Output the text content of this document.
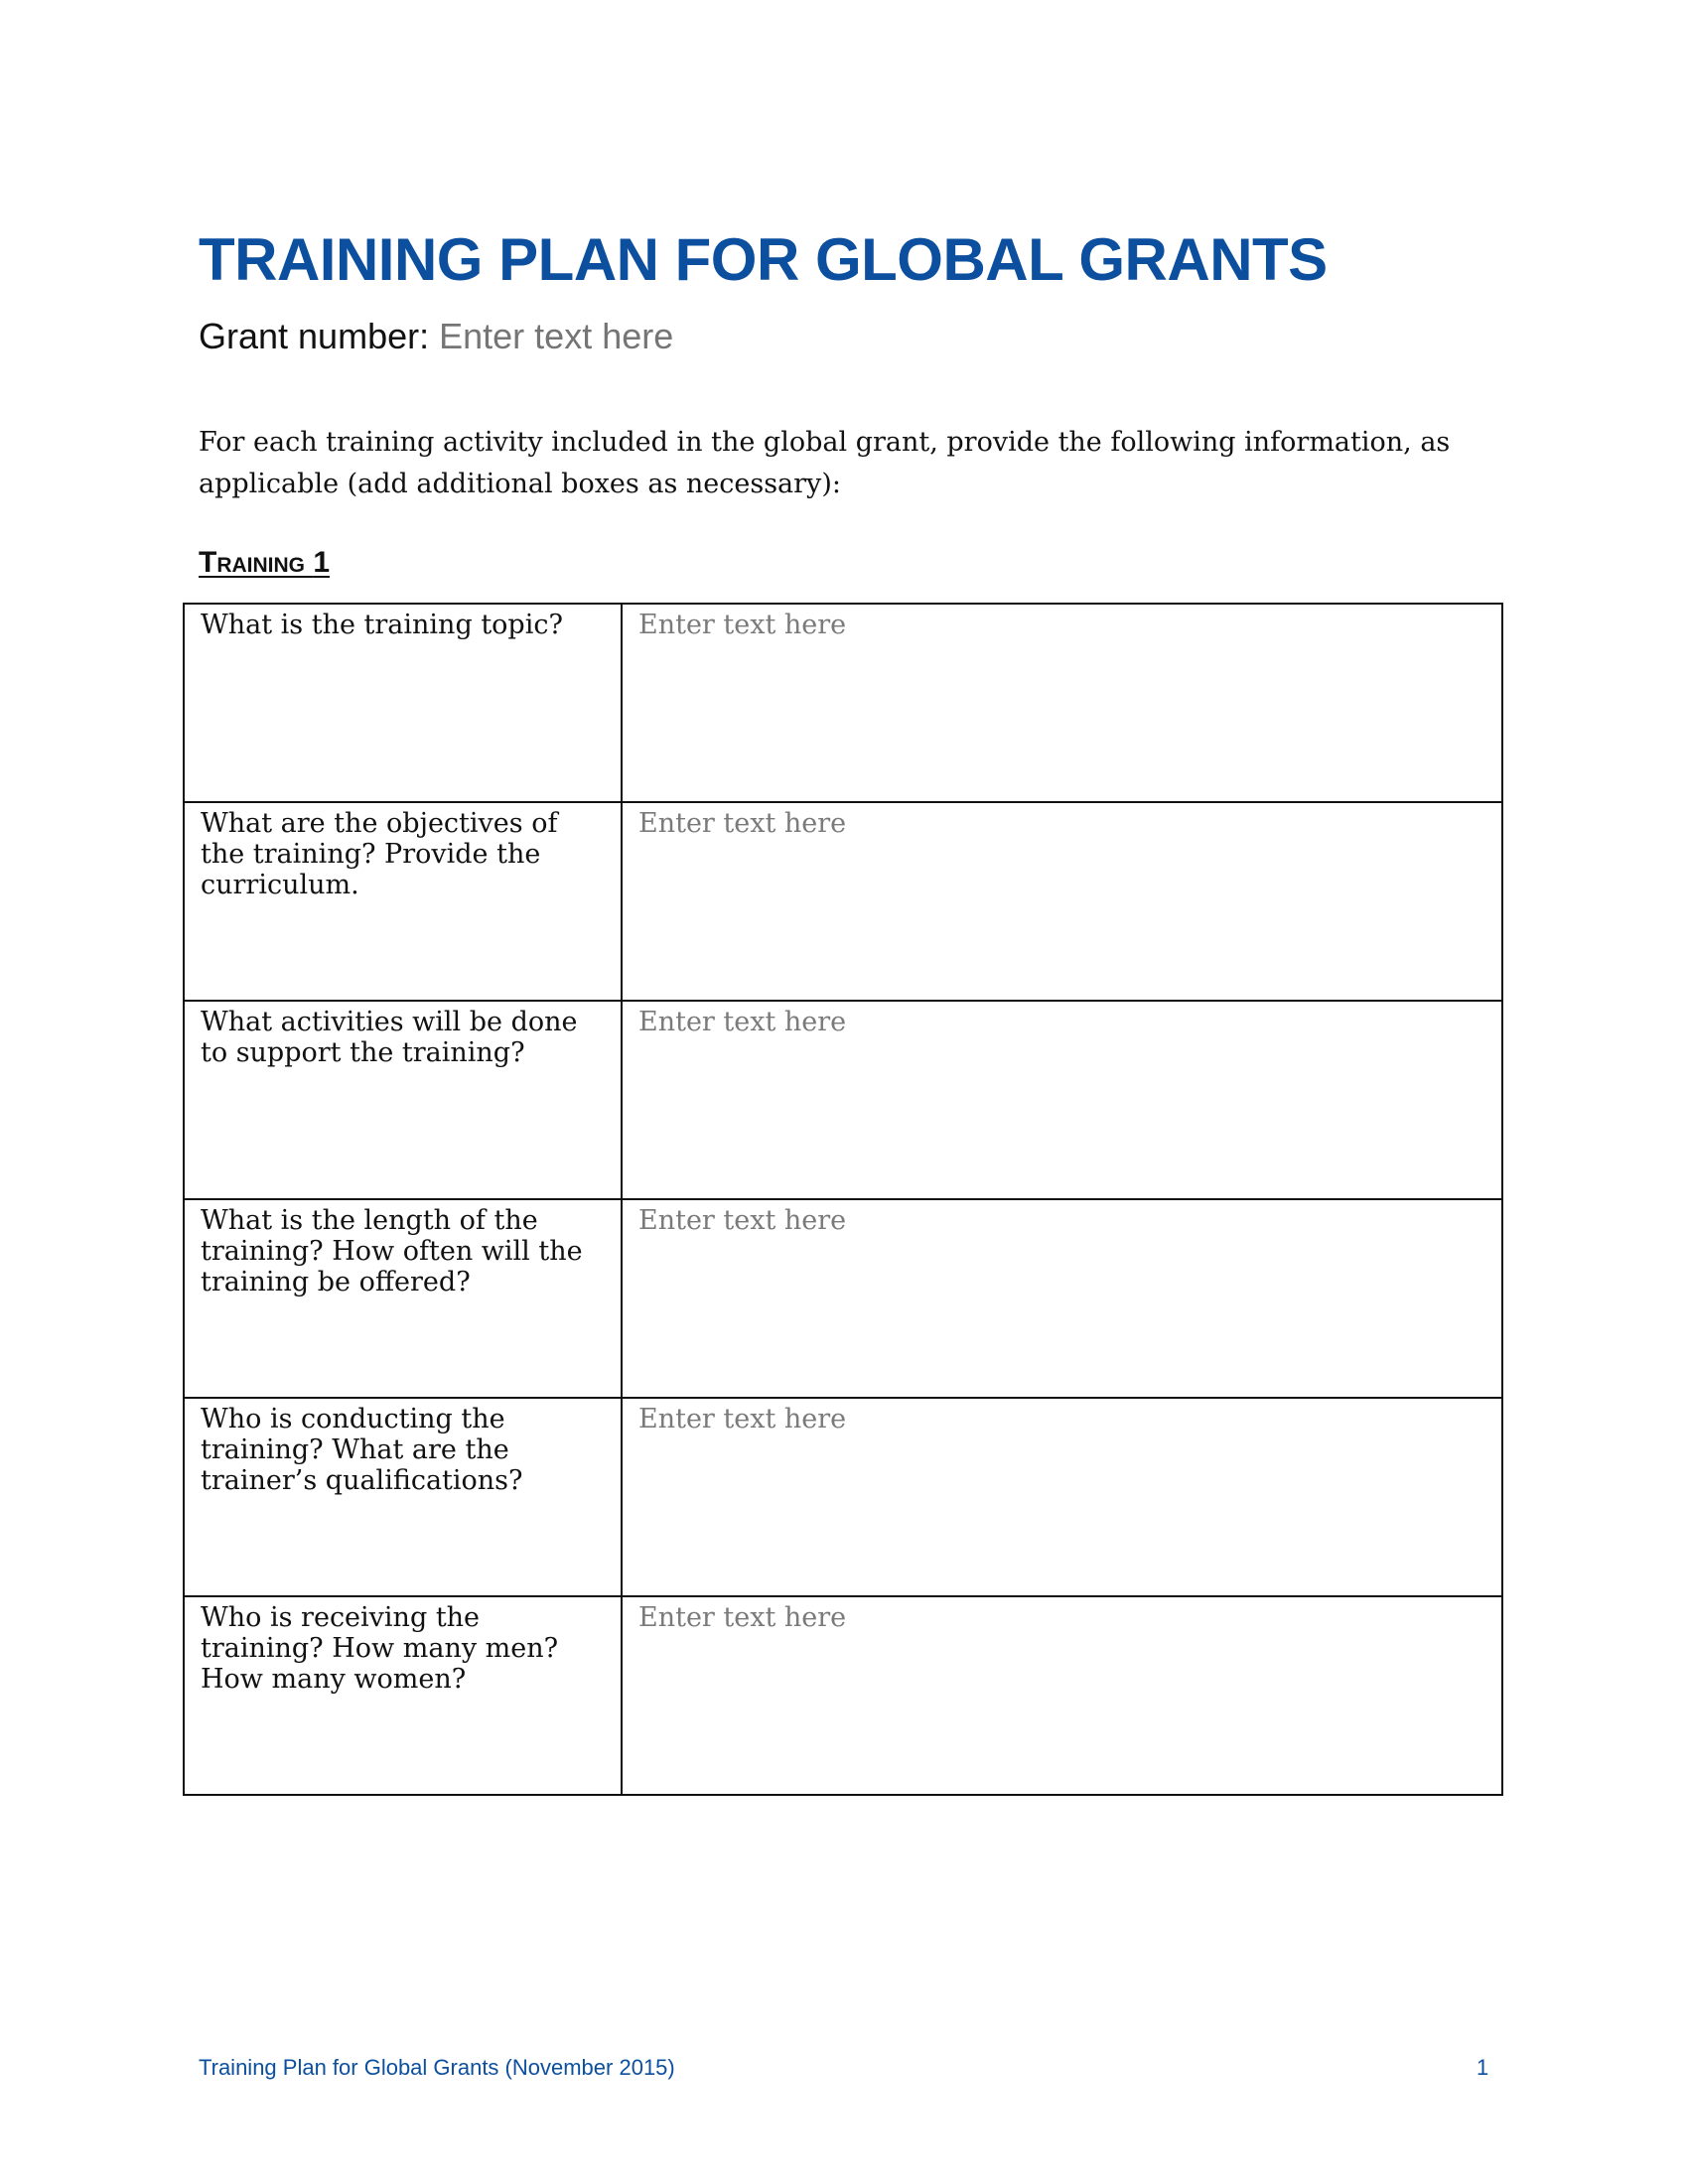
TRAINING PLAN FOR GLOBAL GRANTS
Grant number: Enter text here

For each training activity included in the global grant, provide the following information, as applicable (add additional boxes as necessary):

Training 1
What is the training topic?	
Enter text here
What are the objectives of the training? Provide the curriculum.	
Enter text here
What activities will be done to support the training?	
Enter text here
What is the length of the training? How often will the training be offered?	
Enter text here
Who is conducting the training? What are the trainer’s qualifications?	
Enter text here
Who is receiving the training? How many men? How many women?	
Enter text here
Training Plan for Global Grants (November 2015)	1
